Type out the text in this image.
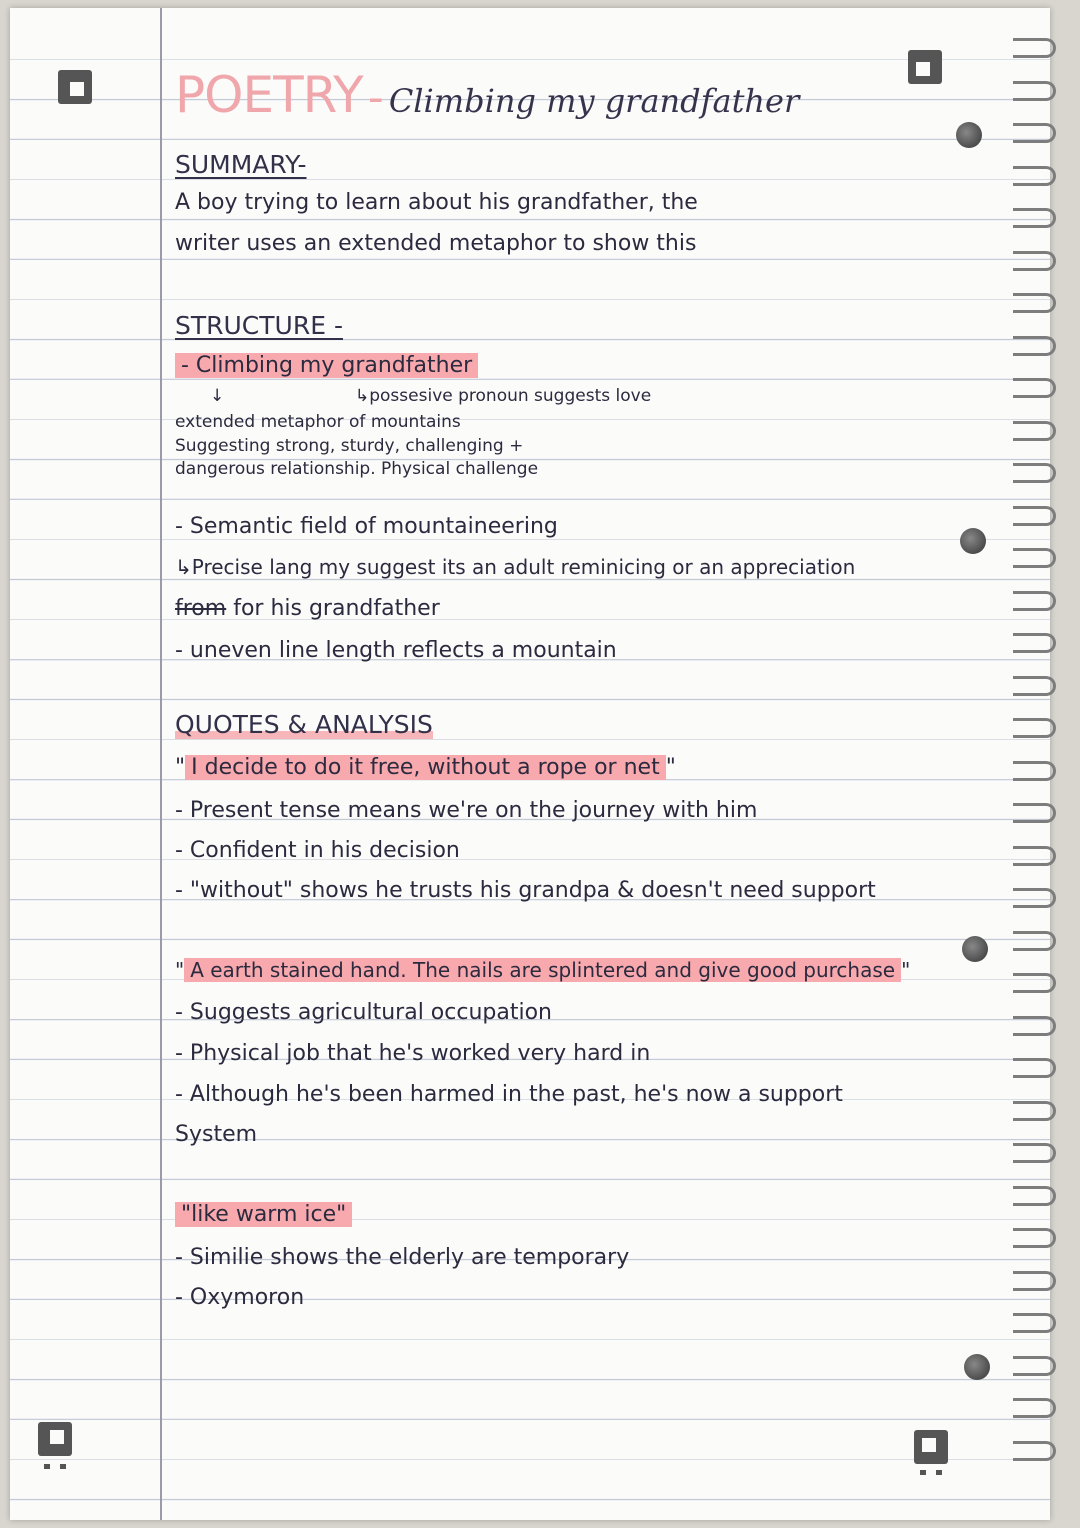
POETRY - Climbing my grandfather
SUMMARY-
A boy trying to learn about his grandfather, the
writer uses an extended metaphor to show this
STRUCTURE -
- Climbing my grandfather
↓	↳possesive pronoun suggests love
extended metaphor of mountains
Suggesting strong, sturdy, challenging +
dangerous relationship. Physical challenge
- Semantic field of mountaineering
↳Precise lang my suggest its an adult reminicing or an appreciation
from for his grandfather
- uneven line length reflects a mountain
QUOTES & ANALYSIS
" I decide to do it free, without a rope or net "
- Present tense means we're on the journey with him
- Confident in his decision
- "without" shows he trusts his grandpa & doesn't need support
" A earth stained hand. The nails are splintered and give good purchase "
- Suggests agricultural occupation
- Physical job that he's worked very hard in
- Although he's been harmed in the past, he's now a support
System
"like warm ice"
- Similie shows the elderly are temporary
- Oxymoron
